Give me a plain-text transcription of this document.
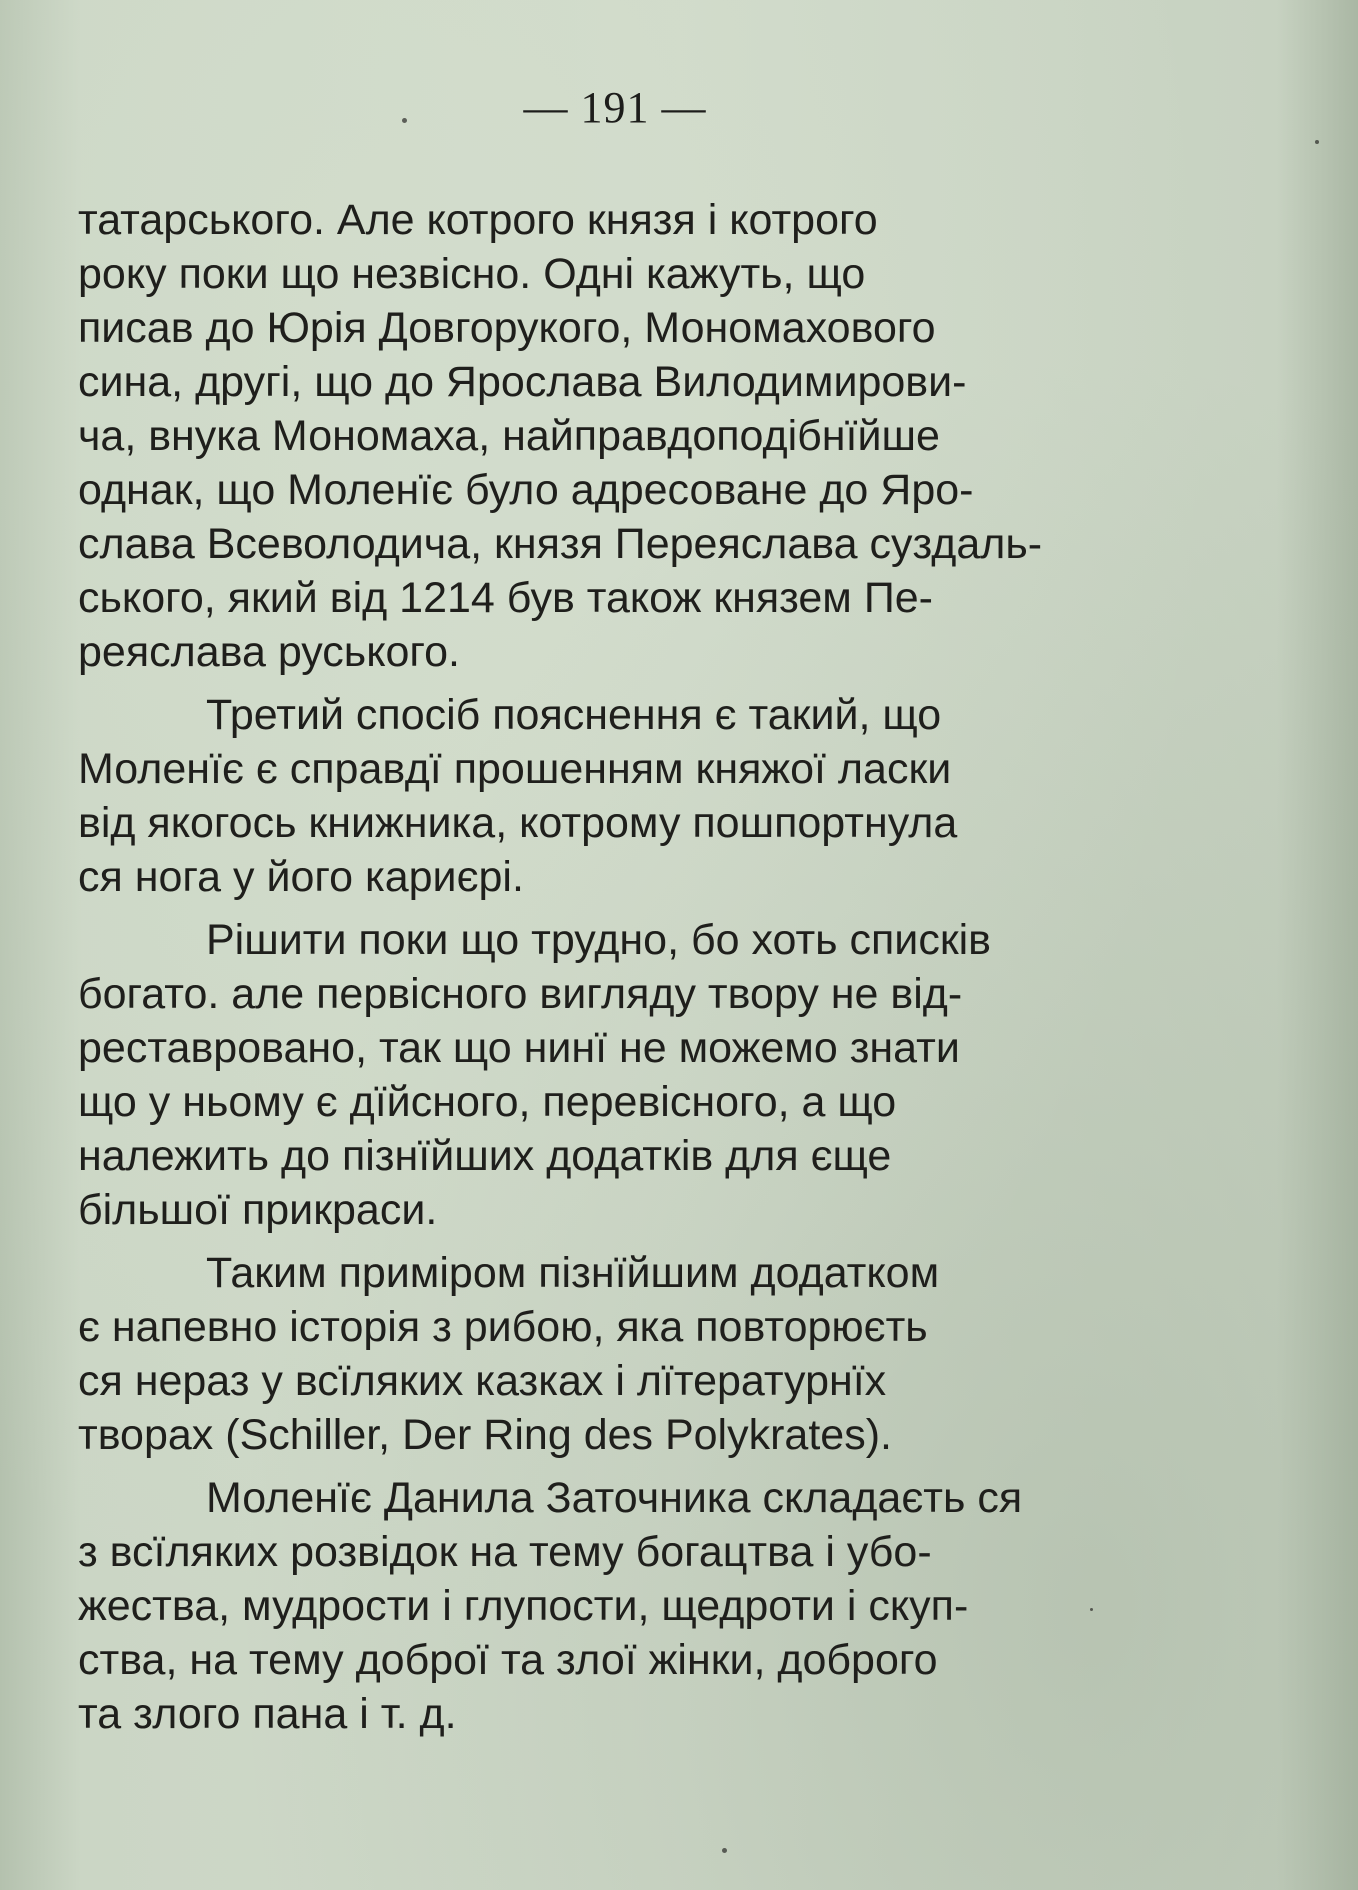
— 191 —

татарського. Але котрого князя і котрого
року поки що незвісно. Одні кажуть, що
писав до Юрія Довгорукого, Мономахового
сина, другі, що до Ярослава Вилодимирови-
ча, внука Мономаха, найправдоподібнїйше
однак, що Моленїє було адресоване до Яро-
слава Всеволодича, князя Переяслава суздаль-
ського, який від 1214 був також князем Пе-
реяслава руського.

Третий спосіб пояснення є такий, що
Моленїє є справдї прошенням княжої ласки
від якогось книжника, котрому пошпортнула
ся нога у його кариєрі.

Рішити поки що трудно, бо хоть списків
богато. але первісного вигляду твору не від-
реставровано, так що нинї не можемо знати
що у ньому є дїйсного, перевісного, а що
належить до пізнїйших додатків для єще
більшої прикраси.

Таким приміром пізнїйшим додатком
є напевно історія з рибою, яка повторюєть
ся нераз у всїляких казках і лїтературнїх
творах (Schiller, Der Ring des Polykrates).

Моленїє Данила Заточника складаєть ся
з всїляких розвідок на тему богацтва і убо-
жества, мудрости і глупости, щедроти і скуп-
ства, на тему доброї та злої жінки, доброго
та злого пана і т. д.
